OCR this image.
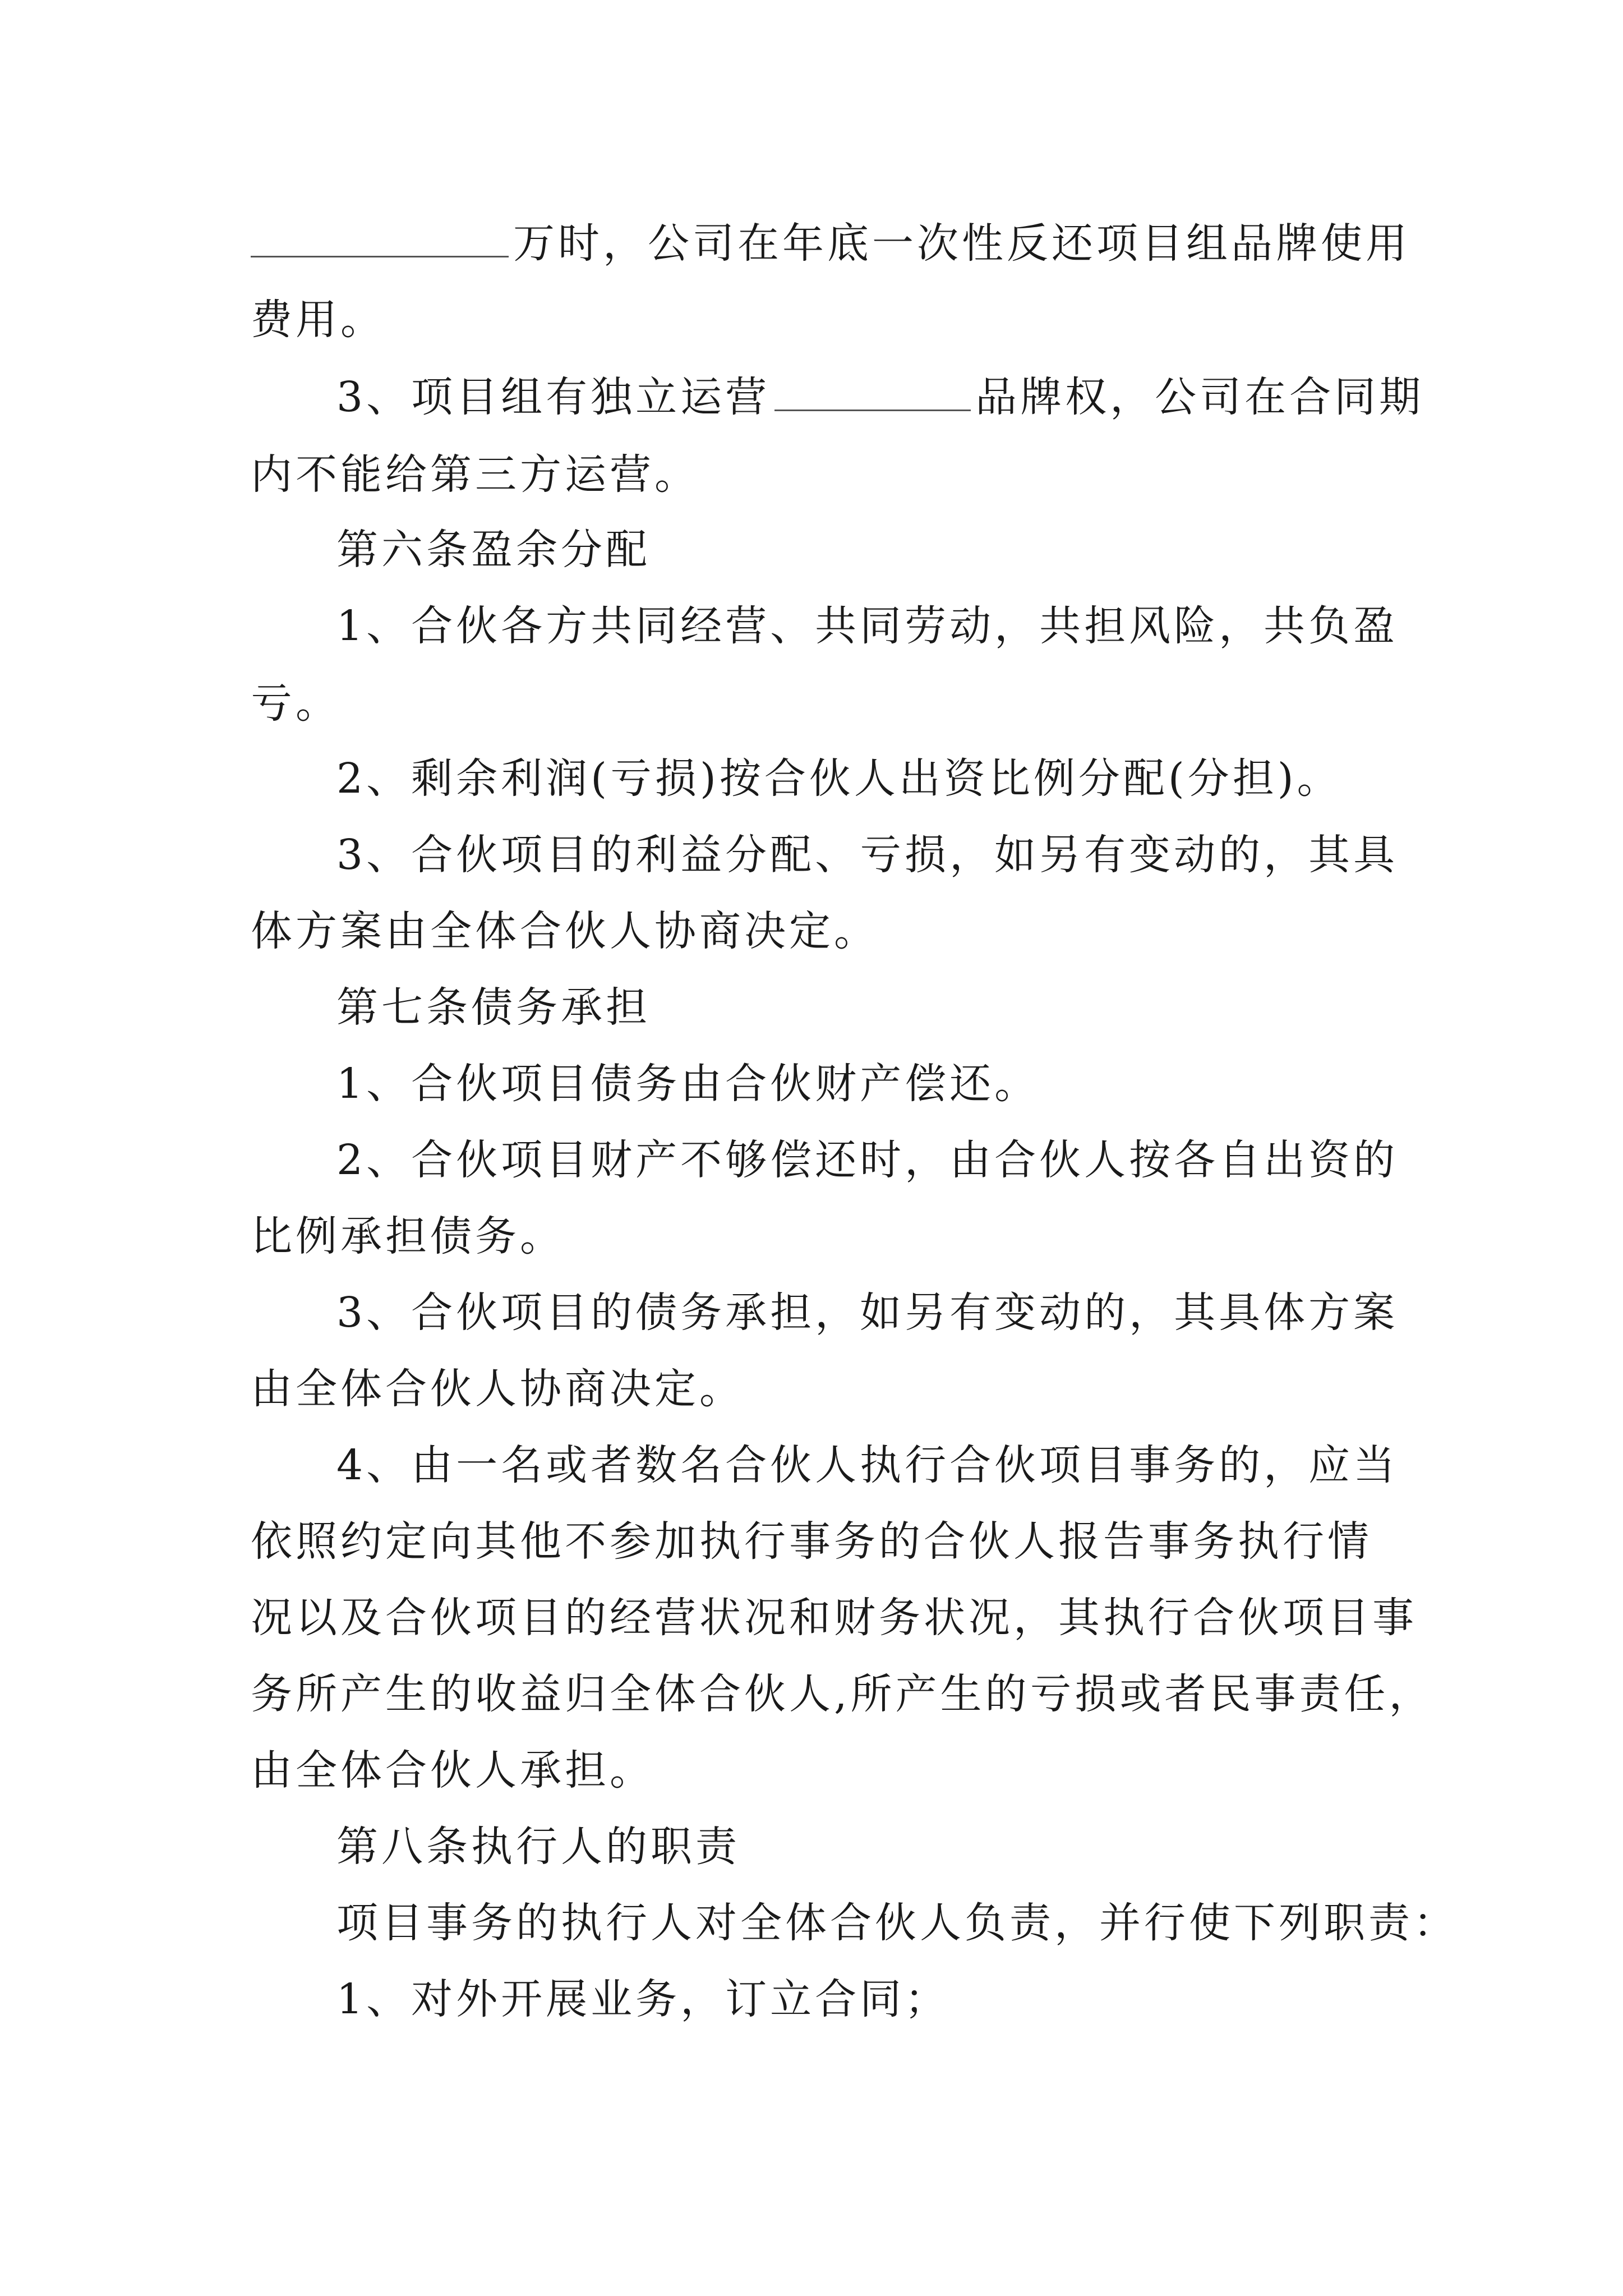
万时，公司在年底一次性反还项目组品牌使用
费用。
3、项目组有独立运营	品牌权，公司在合同期
内不能给第三方运营。
第六条盈余分配
1、合伙各方共同经营、共同劳动，共担风险，共负盈
亏。
2、剩余利润(亏损)按合伙人出资比例分配(分担)。
3、合伙项目的利益分配、亏损，如另有变动的，其具
体方案由全体合伙人协商决定。
第七条债务承担
1、合伙项目债务由合伙财产偿还。
2、合伙项目财产不够偿还时，由合伙人按各自出资的
比例承担债务。
3、合伙项目的债务承担，如另有变动的，其具体方案
由全体合伙人协商决定。
4、由一名或者数名合伙人执行合伙项目事务的，应当
依照约定向其他不参加执行事务的合伙人报告事务执行情
况以及合伙项目的经营状况和财务状况，其执行合伙项目事
务所产生的收益归全体合伙人,所产生的亏损或者民事责任，
由全体合伙人承担。
第八条执行人的职责
项目事务的执行人对全体合伙人负责，并行使下列职责：
1、对外开展业务，订立合同；
